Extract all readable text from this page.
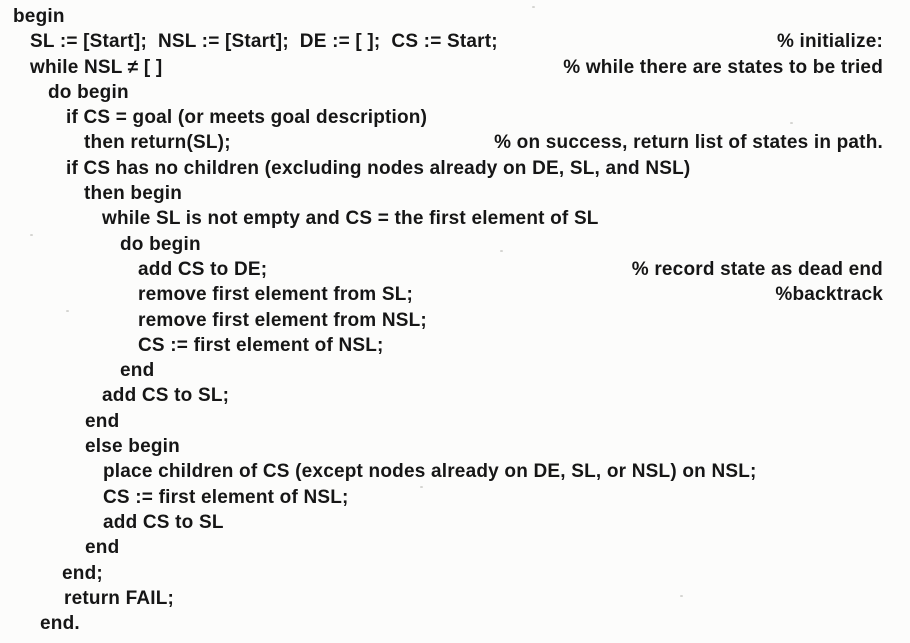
begin
SL := [Start];  NSL := [Start];  DE := [ ];  CS := Start;	% initialize:
while NSL ≠ [ ]	% while there are states to be tried
do begin
if CS = goal (or meets goal description)
then return(SL);	% on success, return list of states in path.
if CS has no children (excluding nodes already on DE, SL, and NSL)
then begin
while SL is not empty and CS = the first element of SL
do begin
add CS to DE;	% record state as dead end
remove first element from SL;	%backtrack
remove first element from NSL;
CS := first element of NSL;
end
add CS to SL;
end
else begin
place children of CS (except nodes already on DE, SL, or NSL) on NSL;
CS := first element of NSL;
add CS to SL
end
end;
return FAIL;
end.
